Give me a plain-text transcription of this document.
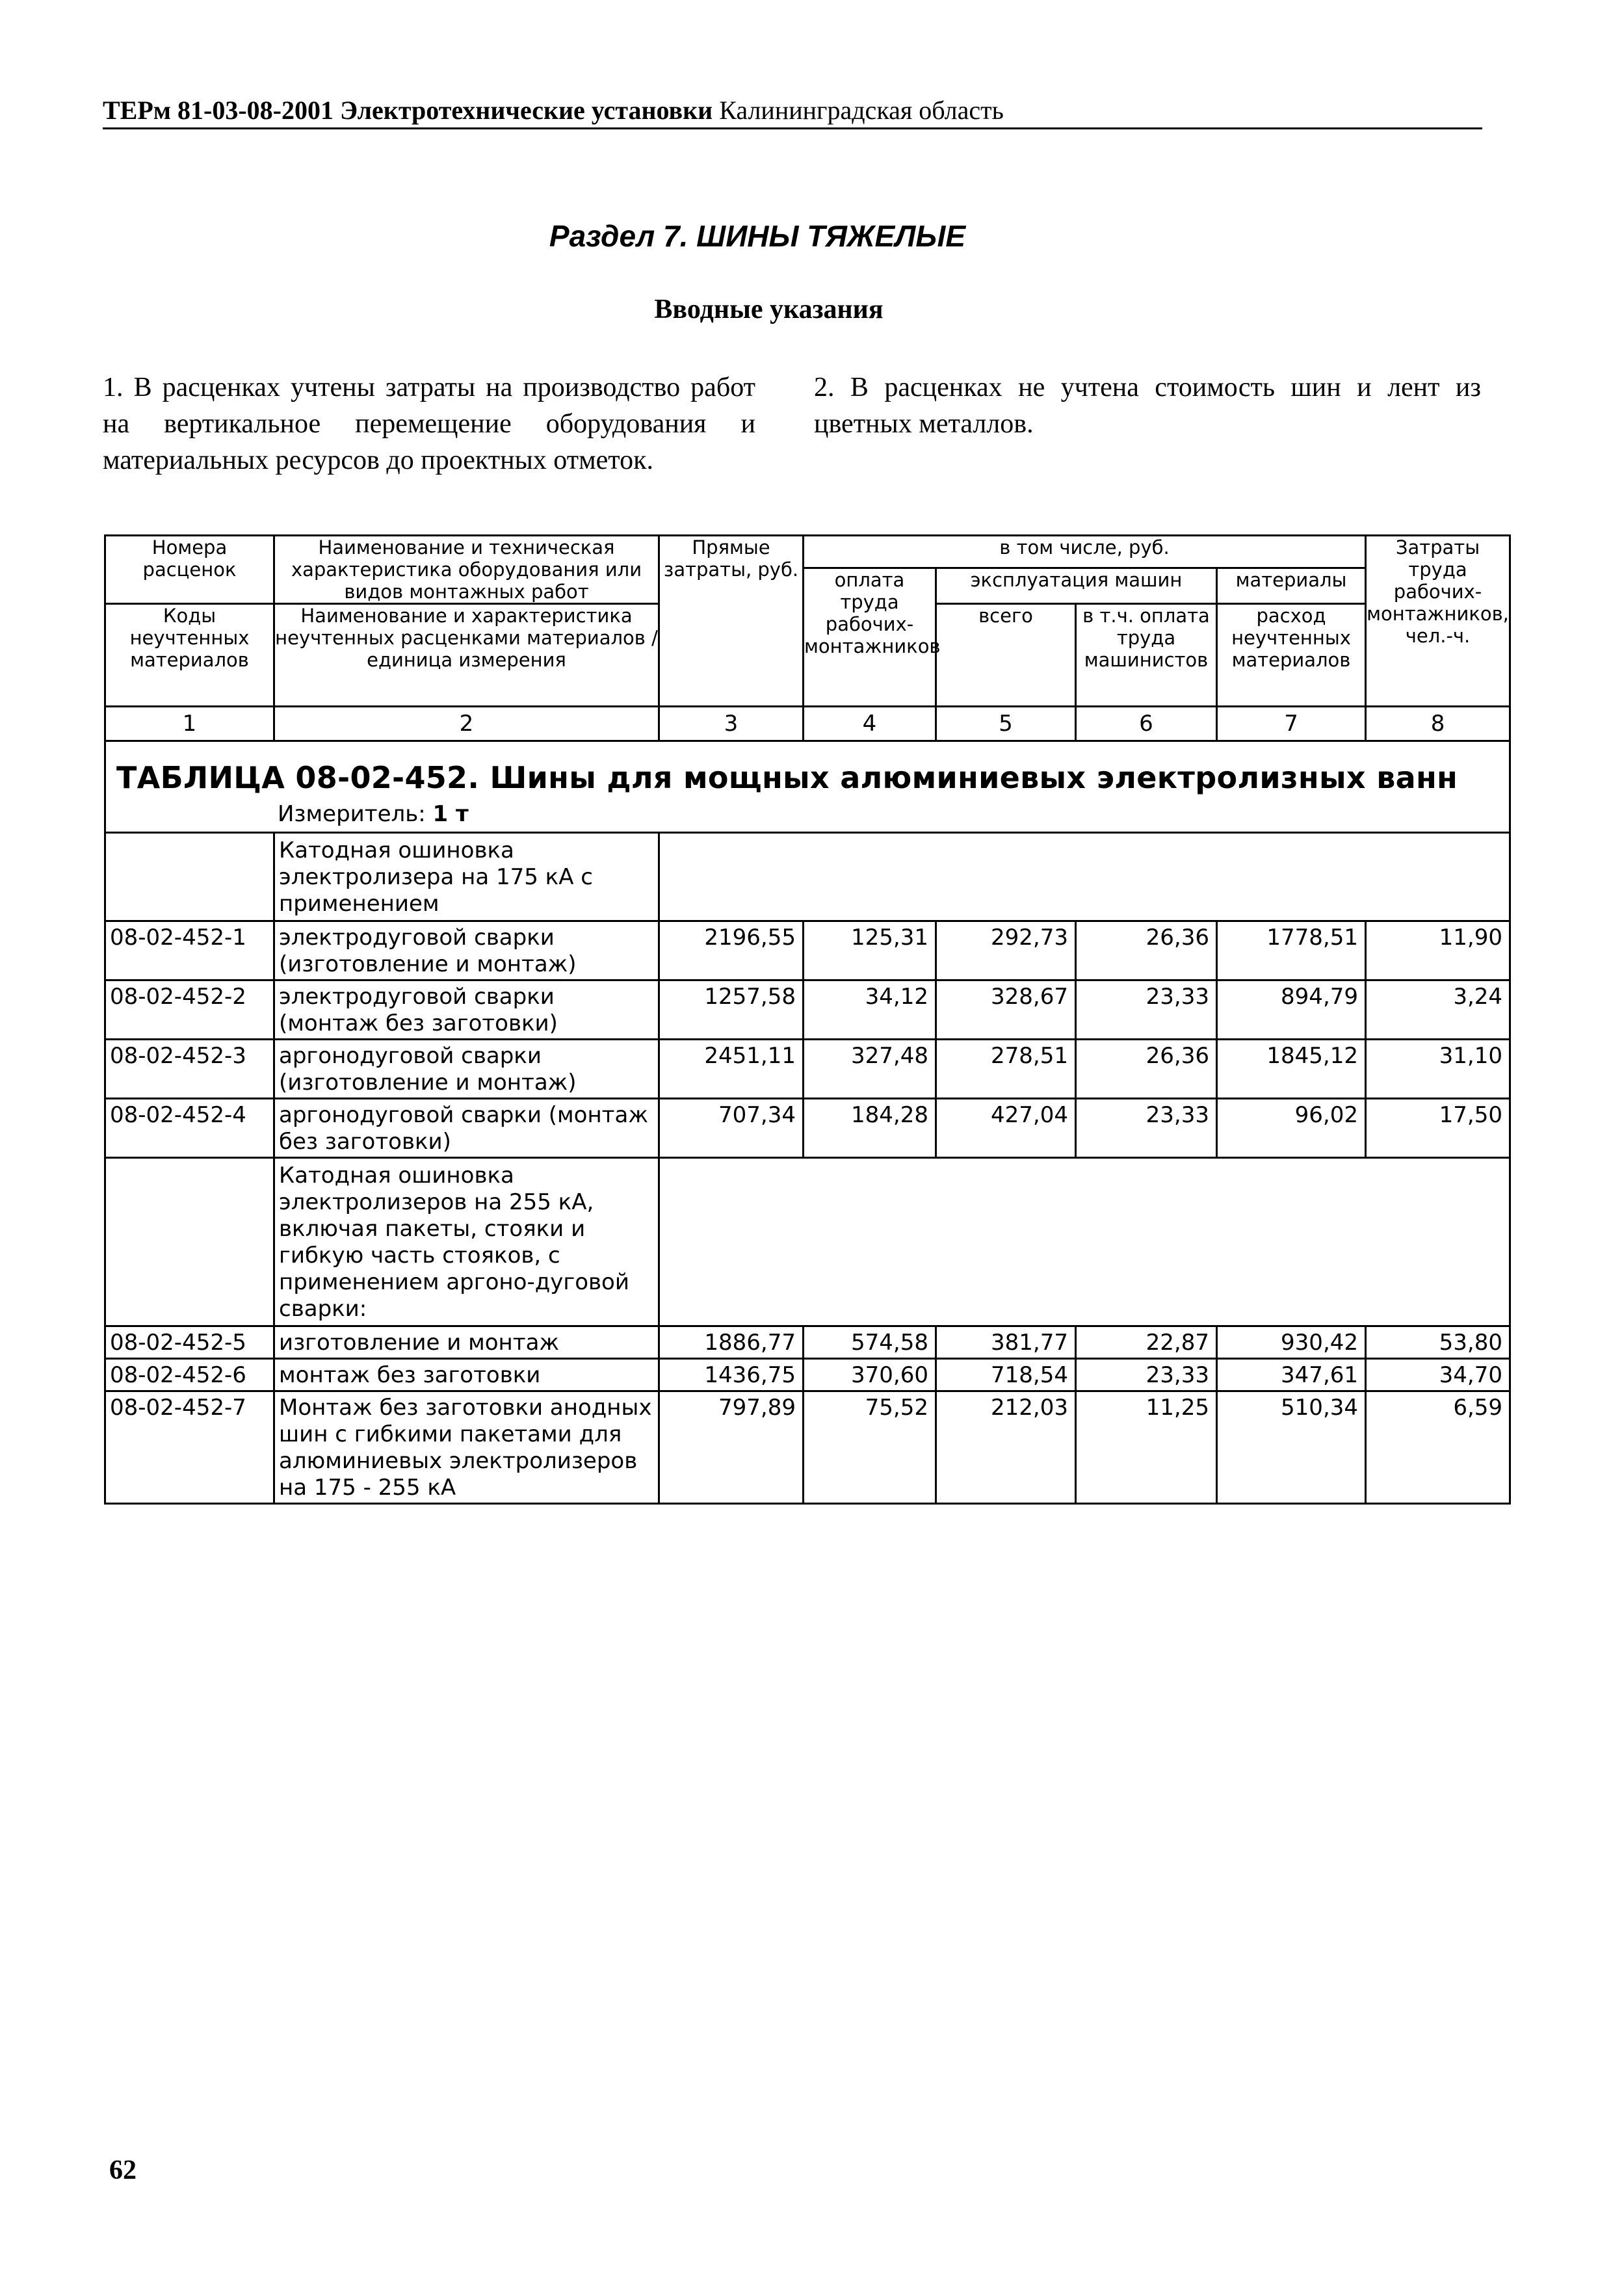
ТЕРм 81-03-08-2001 Электротехнические установки Калининградская область
Раздел 7. ШИНЫ ТЯЖЕЛЫЕ
Вводные указания
1. В расценках учтены затраты на производство работ на вертикальное перемещение оборудования и материальных ресурсов до проектных отметок.
2. В расценках не учтена стоимость шин и лент из цветных металлов.
Номера расценок	Наименование и техническая характеристика оборудования или видов монтажных работ	Прямые затраты, руб.	в том числе, руб.				Затраты труда рабочих-монтажников, чел.-ч.
			оплата труда рабочих-монтажников	эксплуатация машин		материалы	
Коды неучтенных материалов	Наименование и характеристика неучтенных расценками материалов / единица измерения			всего	в т.ч. оплата труда машинистов	расход неучтенных материалов	

1	2	3	4	5	6	7	8

ТАБЛИЦА 08-02-452. Шины для мощных алюминиевых электролизных ванн
Измеритель: 1 т							

	Катодная ошиновка электролизера на 175 кА с применением						
08-02-452-1	электродуговой сварки (изготовление и монтаж)	2196,55	125,31	292,73	26,36	1778,51	11,90
08-02-452-2	электродуговой сварки (монтаж без заготовки)	1257,58	34,12	328,67	23,33	894,79	3,24
08-02-452-3	аргонодуговой сварки (изготовление и монтаж)	2451,11	327,48	278,51	26,36	1845,12	31,10
08-02-452-4	аргонодуговой сварки (монтаж без заготовки)	707,34	184,28	427,04	23,33	96,02	17,50
	Катодная ошиновка электролизеров на 255 кА, включая пакеты, стояки и гибкую часть стояков, с применением аргоно-дуговой сварки:						
08-02-452-5	изготовление и монтаж	1886,77	574,58	381,77	22,87	930,42	53,80
08-02-452-6	монтаж без заготовки	1436,75	370,60	718,54	23,33	347,61	34,70
08-02-452-7	Монтаж без заготовки анодных шин с гибкими пакетами для алюминиевых электролизеров на 175 - 255 кА	797,89	75,52	212,03	11,25	510,34	6,59
62
